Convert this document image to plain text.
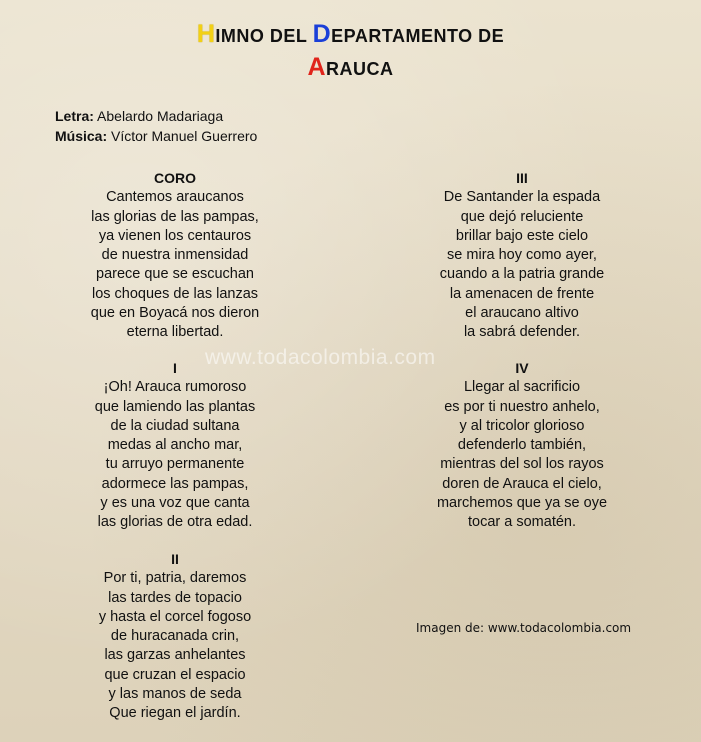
HIMNO DEL DEPARTAMENTO DE
ARAUCA
Letra: Abelardo Madariaga
Música: Víctor Manuel Guerrero
CORO
Cantemos araucanos
las glorias de las pampas,
ya vienen los centauros
de nuestra inmensidad
parece que se escuchan
los choques de las lanzas
que en Boyacá nos dieron
eterna libertad.
I
¡Oh! Arauca rumoroso
que lamiendo las plantas
de la ciudad sultana
medas al ancho mar,
tu arruyo permanente
adormece las pampas,
y es una voz que canta
las glorias de otra edad.
II
Por ti, patria, daremos
las tardes de topacio
y hasta el corcel fogoso
de huracanada crin,
las garzas anhelantes
que cruzan el espacio
y las manos de seda
Que riegan el jardín.
III
De Santander la espada
que dejó reluciente
brillar bajo este cielo
se mira hoy como ayer,
cuando a la patria grande
la amenacen de frente
el araucano altivo
la sabrá defender.
IV
Llegar al sacrificio
es por ti nuestro anhelo,
y al tricolor glorioso
defenderlo también,
mientras del sol los rayos
doren de Arauca el cielo,
marchemos que ya se oye
tocar a somatén.
www.todacolombia.com
Imagen de: www.todacolombia.com
